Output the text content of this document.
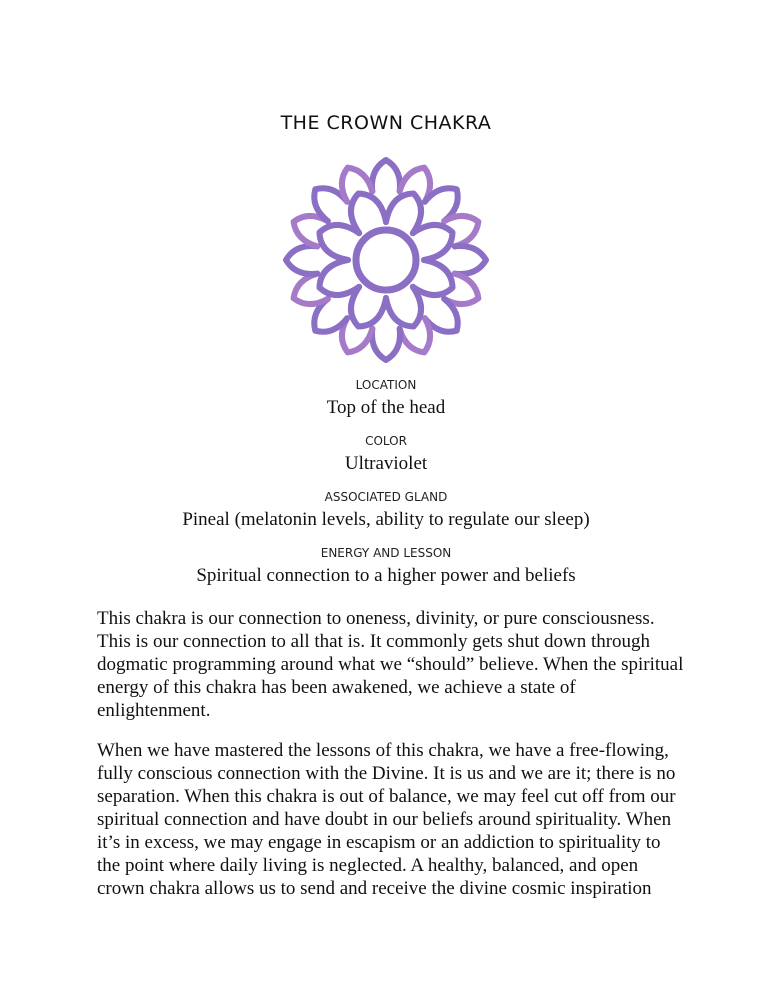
THE CROWN CHAKRA
LOCATION
Top of the head
COLOR
Ultraviolet
ASSOCIATED GLAND
Pineal (melatonin levels, ability to regulate our sleep)
ENERGY AND LESSON
Spiritual connection to a higher power and beliefs

This chakra is our connection to oneness, divinity, or pure consciousness. This is our connection to all that is. It commonly gets shut down through dogmatic programming around what we “should” believe. When the spiritual energy of this chakra has been awakened, we achieve a state of enlightenment.

When we have mastered the lessons of this chakra, we have a free-flowing, fully conscious connection with the Divine. It is us and we are it; there is no separation. When this chakra is out of balance, we may feel cut off from our spiritual connection and have doubt in our beliefs around spirituality. When it’s in excess, we may engage in escapism or an addiction to spirituality to the point where daily living is neglected. A healthy, balanced, and open crown chakra allows us to send and receive the divine cosmic inspiration
